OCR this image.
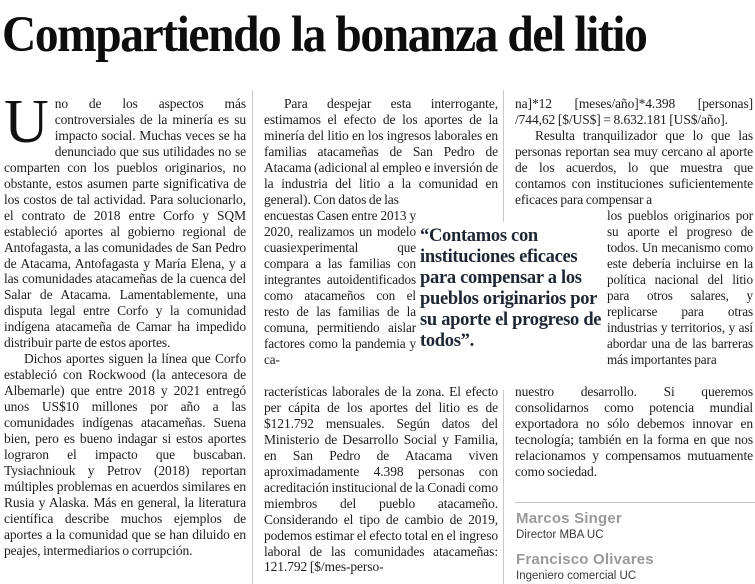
Compartiendo la bonanza del litio

Uno de los aspectos más controversiales de la minería es su impacto social. Muchas veces se ha denunciado que sus utilidades no se comparten con los pueblos originarios, no obstante, estos asumen parte significativa de los costos de tal actividad. Para solucionarlo, el contrato de 2018 entre Corfo y SQM estableció aportes al gobierno regional de Antofagasta, a las comunidades de San Pedro de Atacama, Antofagasta y María Elena, y a las comunidades atacameñas de la cuenca del Salar de Atacama. Lamentablemente, una disputa legal entre Corfo y la comunidad indígena atacameña de Camar ha impedido distribuir parte de estos aportes.

Dichos aportes siguen la línea que Corfo estableció con Rockwood (la antecesora de Albemarle) que entre 2018 y 2021 entregó unos US$10 millones por año a las comunidades indígenas atacameñas. Suena bien, pero es bueno indagar si estos aportes lograron el impacto que buscaban. Tysiachniouk y Petrov (2018) reportan múltiples problemas en acuerdos similares en Rusia y Alaska. Más en general, la literatura científica describe muchos ejemplos de aportes a la comunidad que se han diluido en peajes, intermediarios o corrupción.

Para despejar esta interrogante, estimamos el efecto de los aportes de la minería del litio en los ingresos laborales en familias atacameñas de San Pedro de Atacama (adicional al empleo e inversión de la industria del litio a la comunidad en general). Con datos de las

encuestas Casen entre 2013 y 2020, realizamos un modelo cuasiexperimental que compara a las familias con integrantes autoidentificados como atacameños con el resto de las familias de la comuna, permitiendo aislar factores como la pandemia y ca-

racterísticas laborales de la zona. El efecto per cápita de los aportes del litio es de $121.792 mensuales. Según datos del Ministerio de Desarrollo Social y Familia, en San Pedro de Atacama viven aproximadamente 4.398 personas con acreditación institucional de la Conadi como miembros del pueblo atacameño. Considerando el tipo de cambio de 2019, podemos estimar el efecto total en el ingreso laboral de las comunidades atacameñas: 121.792 [$/mes-perso-

“Contamos con instituciones eficaces para compensar a los pueblos originarios por su aporte el progreso de todos”.

na]*12 [meses/año]*4.398 [personas] /744,62 [$/US$] = 8.632.181 [US$/año].

Resulta tranquilizador que lo que las personas reportan sea muy cercano al aporte de los acuerdos, lo que muestra que contamos con instituciones suficientemente eficaces para compensar a

los pueblos originarios por su aporte el progreso de todos. Un mecanismo como este debería incluirse en la política nacional del litio para otros salares, y replicarse para otras industrias y territorios, y así abordar una de las barreras más importantes para

nuestro desarrollo. Si queremos consolidarnos como potencia mundial exportadora no sólo debemos innovar en tecnología; también en la forma en que nos relacionamos y compensamos mutuamente como sociedad.

Marcos Singer
Director MBA UC
Francisco Olivares
Ingeniero comercial UC
